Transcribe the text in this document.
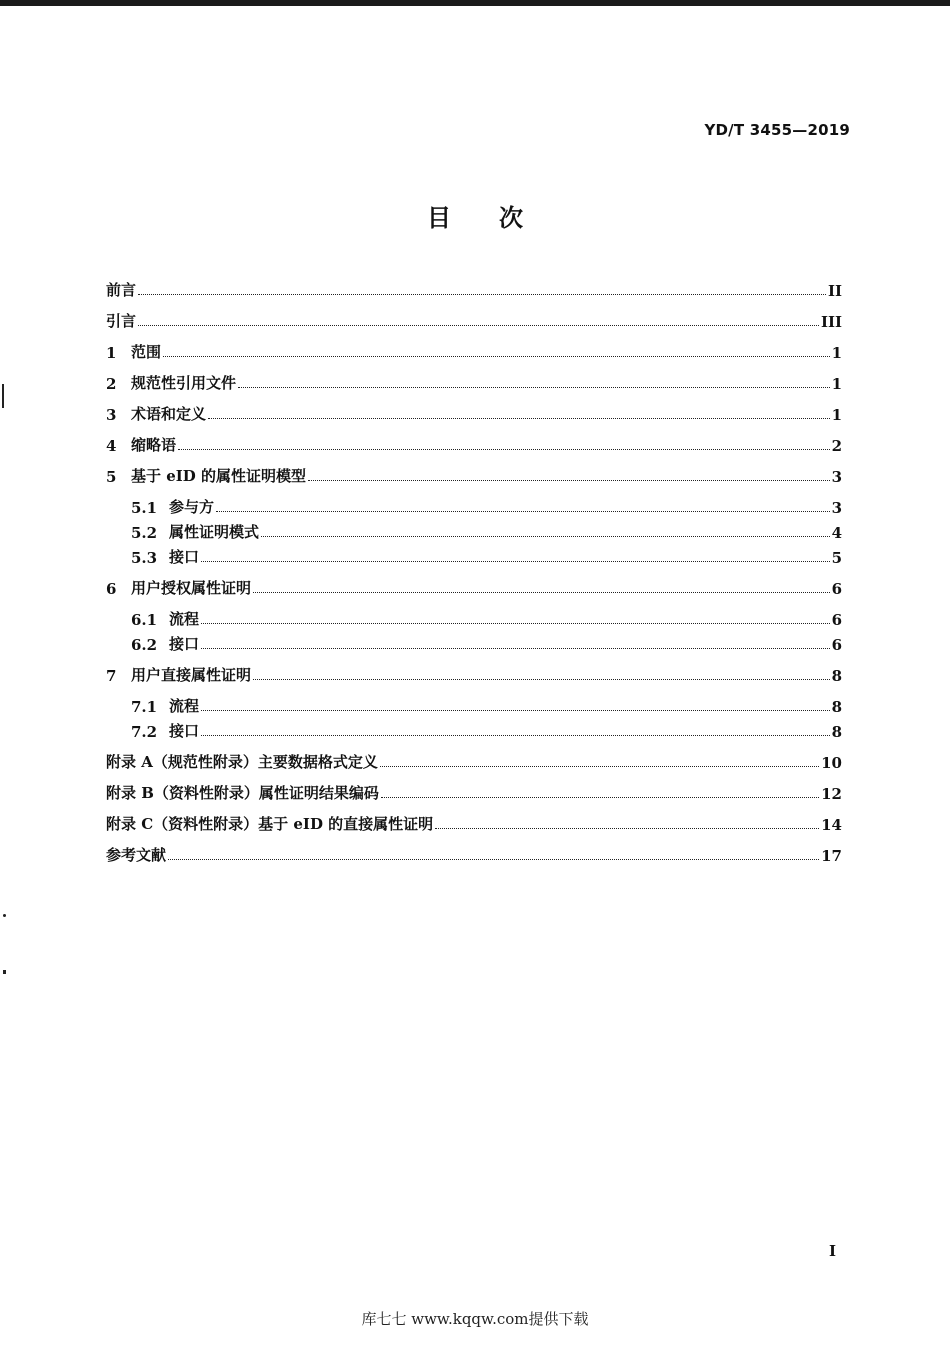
YD/T 3455—2019
目 次
前言	II
引言	III
1 范围	1
2 规范性引用文件	1
3 术语和定义	1
4 缩略语	2
5 基于 eID 的属性证明模型	3
5.1 参与方	3
5.2 属性证明模式	4
5.3 接口	5
6 用户授权属性证明	6
6.1 流程	6
6.2 接口	6
7 用户直接属性证明	8
7.1 流程	8
7.2 接口	8
附录 A（规范性附录）主要数据格式定义	10
附录 B（资料性附录）属性证明结果编码	12
附录 C（资料性附录）基于 eID 的直接属性证明	14
参考文献	17
I
库七七 www.kqqw.com提供下载
